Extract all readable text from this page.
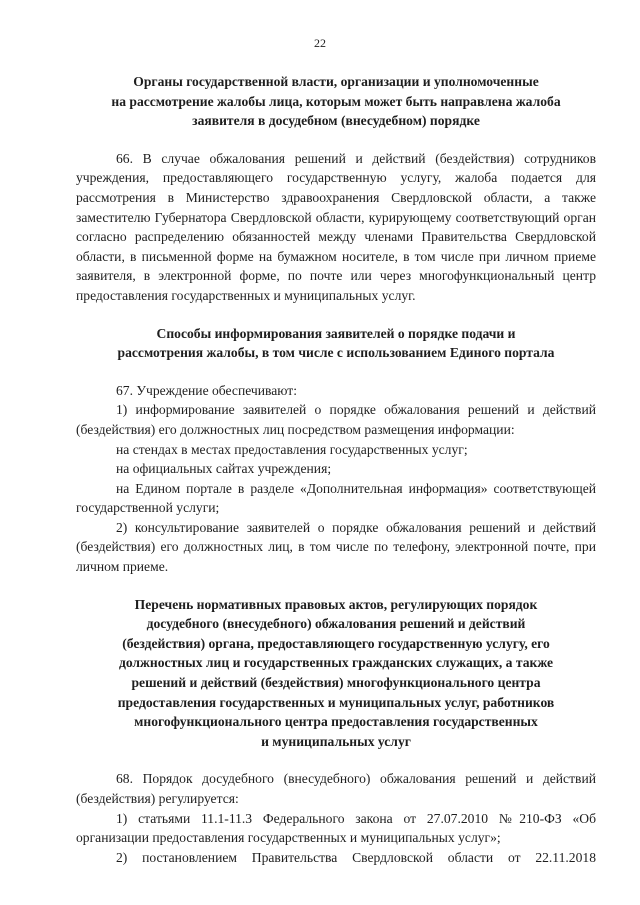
22
Органы государственной власти, организации и уполномоченные
на рассмотрение жалобы лица, которым может быть направлена жалоба
заявителя в досудебном (внесудебном) порядке

66. В случае обжалования решений и действий (бездействия) сотрудников учреждения, предоставляющего государственную услугу, жалоба подается для рассмотрения в Министерство здравоохранения Свердловской области, а также заместителю Губернатора Свердловской области, курирующему соответствующий орган согласно распределению обязанностей между членами Правительства Свердловской области, в письменной форме на бумажном носителе, в том числе при личном приеме заявителя, в электронной форме, по почте или через многофункциональный центр предоставления государственных и муниципальных услуг.

Способы информирования заявителей о порядке подачи и
рассмотрения жалобы, в том числе с использованием Единого портала

67. Учреждение обеспечивают:

1) информирование заявителей о порядке обжалования решений и действий (бездействия) его должностных лиц посредством размещения информации:

на стендах в местах предоставления государственных услуг;

на официальных сайтах учреждения;

на Едином портале в разделе «Дополнительная информация» соответствующей государственной услуги;

2) консультирование заявителей о порядке обжалования решений и действий (бездействия) его должностных лиц, в том числе по телефону, электронной почте, при личном приеме.

Перечень нормативных правовых актов, регулирующих порядок
досудебного (внесудебного) обжалования решений и действий
(бездействия) органа, предоставляющего государственную услугу, его
должностных лиц и государственных гражданских служащих, а также
решений и действий (бездействия) многофункционального центра
предоставления государственных и муниципальных услуг, работников
многофункционального центра предоставления государственных
и муниципальных услуг

68. Порядок досудебного (внесудебного) обжалования решений и действий (бездействия) регулируется:

1) статьями 11.1-11.3 Федерального закона от 27.07.2010 №210-ФЗ «Об организации предоставления государственных и муниципальных услуг»;

2) постановлением Правительства Свердловской области от 22.11.2018
